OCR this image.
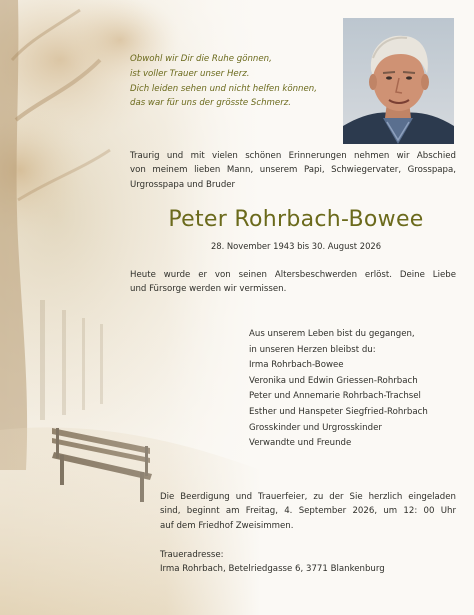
Obwohl wir Dir die Ruhe gönnen,
ist voller Trauer unser Herz.
Dich leiden sehen und nicht helfen können,
das war für uns der grösste Schmerz.
Traurig und mit vielen schönen Erinnerungen nehmen wir Abschied
von meinem lieben Mann, unserem Papi, Schwiegervater, Grosspapa,
Urgrosspapa und Bruder
Peter Rohrbach-Bowee
28. November 1943 bis 30. August 2026
Heute wurde er von seinen Altersbeschwerden erlöst. Deine Liebe
und Fürsorge werden wir vermissen.
Aus unserem Leben bist du gegangen,
in unseren Herzen bleibst du:
Irma Rohrbach-Bowee
Veronika und Edwin Griessen-Rohrbach
Peter und Annemarie Rohrbach-Trachsel
Esther und Hanspeter Siegfried-Rohrbach
Grosskinder und Urgrosskinder
Verwandte und Freunde
Die Beerdigung und Trauerfeier, zu der Sie herzlich eingeladen
sind, beginnt am Freitag, 4. September 2026, um 12: 00 Uhr
auf dem Friedhof Zweisimmen.
Traueradresse:
Irma Rohrbach, Betelriedgasse 6, 3771 Blankenburg
